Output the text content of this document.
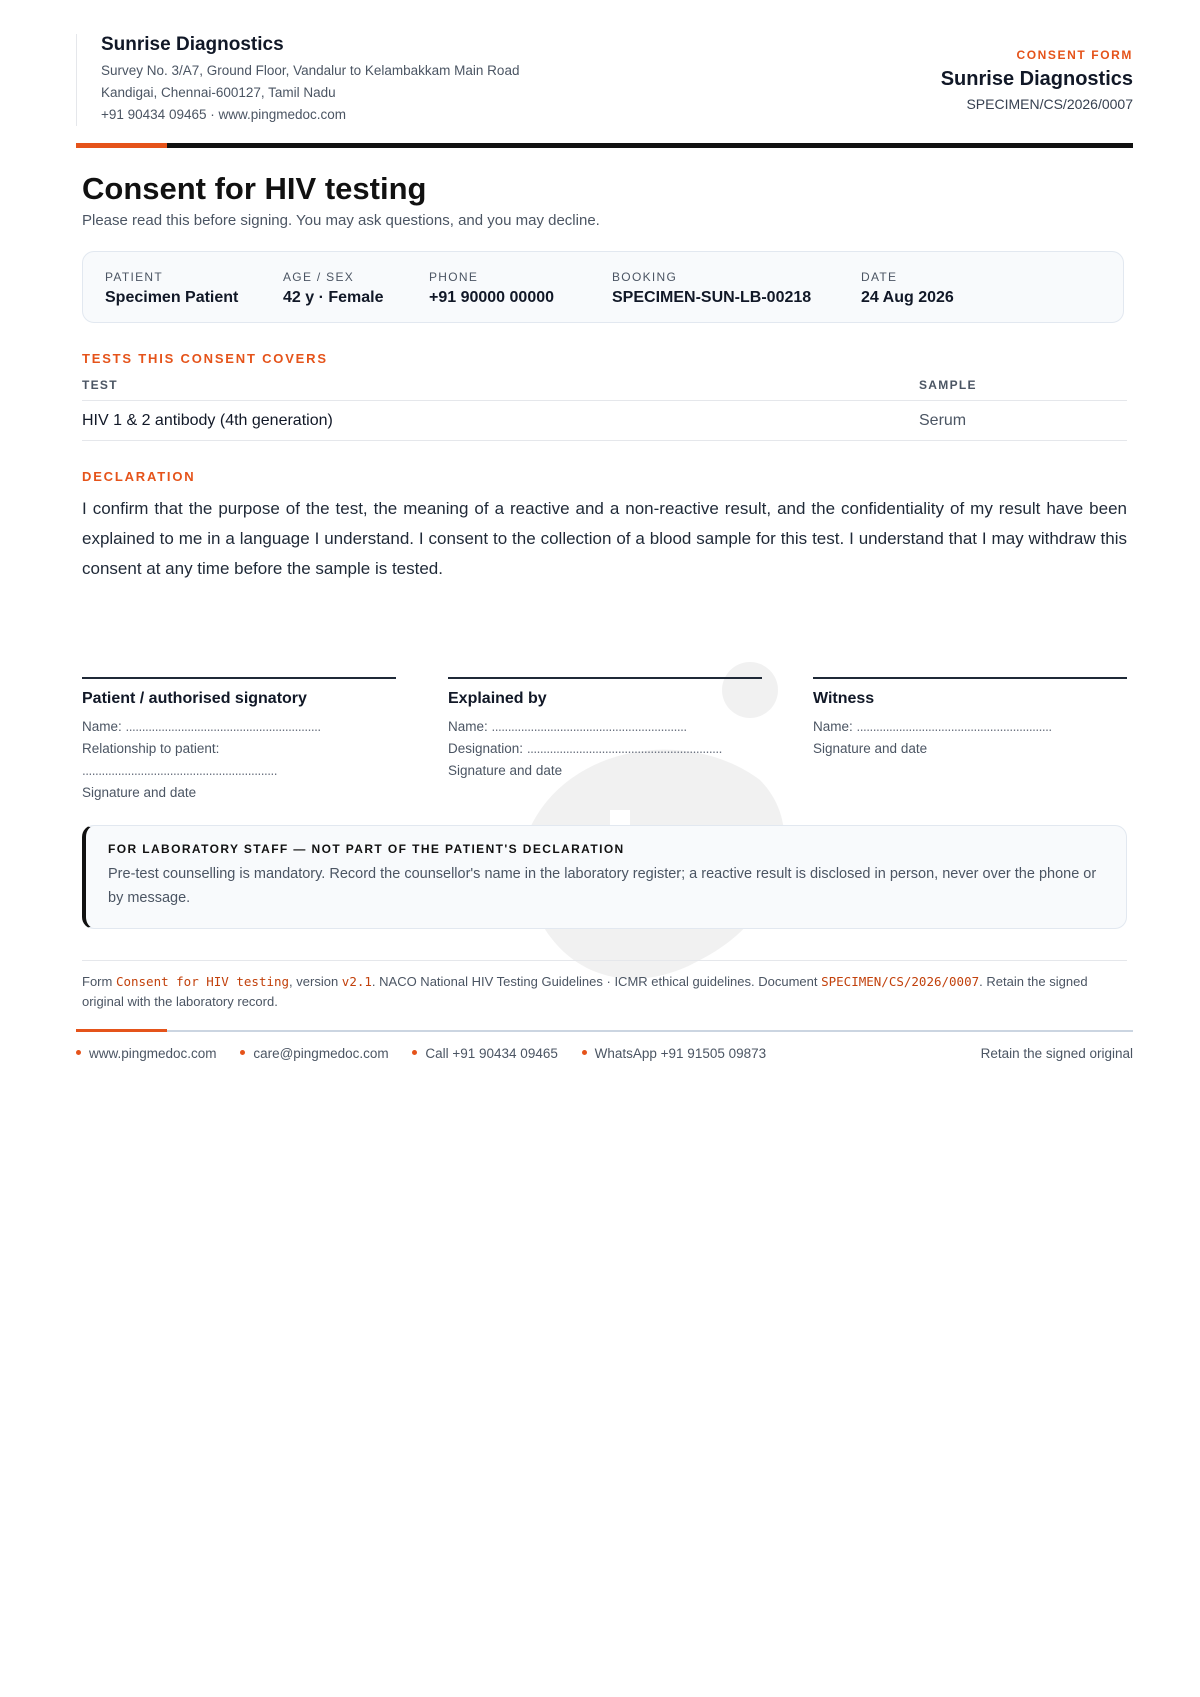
Sunrise Diagnostics
Survey No. 3/A7, Ground Floor, Vandalur to Kelambakkam Main Road
Kandigai, Chennai-600127, Tamil Nadu
+91 90434 09465 · www.pingmedoc.com
CONSENT FORM
Sunrise Diagnostics
SPECIMEN/CS/2026/0007
Consent for HIV testing
Please read this before signing. You may ask questions, and you may decline.
PATIENT
Specimen Patient
AGE / SEX
42 y · Female
PHONE
+91 90000 00000
BOOKING
SPECIMEN-SUN-LB-00218
DATE
24 Aug 2026
TESTS THIS CONSENT COVERS
TEST	SAMPLE
HIV 1 & 2 antibody (4th generation)	Serum
DECLARATION
I confirm that the purpose of the test, the meaning of a reactive and a non-reactive result, and the confidentiality of my result have been explained to me in a language I understand. I consent to the collection of a blood sample for this test. I understand that I may withdraw this consent at any time before the sample is tested.
Patient / authorised signatory
Name: ............................................................
Relationship to patient:
............................................................
Signature and date
Explained by
Name: ............................................................
Designation: ............................................................
Signature and date
Witness
Name: ............................................................
Signature and date
FOR LABORATORY STAFF — NOT PART OF THE PATIENT'S DECLARATION
Pre-test counselling is mandatory. Record the counsellor's name in the laboratory register; a reactive result is disclosed in person, never over the phone or by message.
Form Consent for HIV testing, version v2.1. NACO National HIV Testing Guidelines · ICMR ethical guidelines. Document SPECIMEN/CS/2026/0007. Retain the signed original with the laboratory record.
www.pingmedoc.com	care@pingmedoc.com	Call +91 90434 09465	WhatsApp +91 91505 09873	Retain the signed original
